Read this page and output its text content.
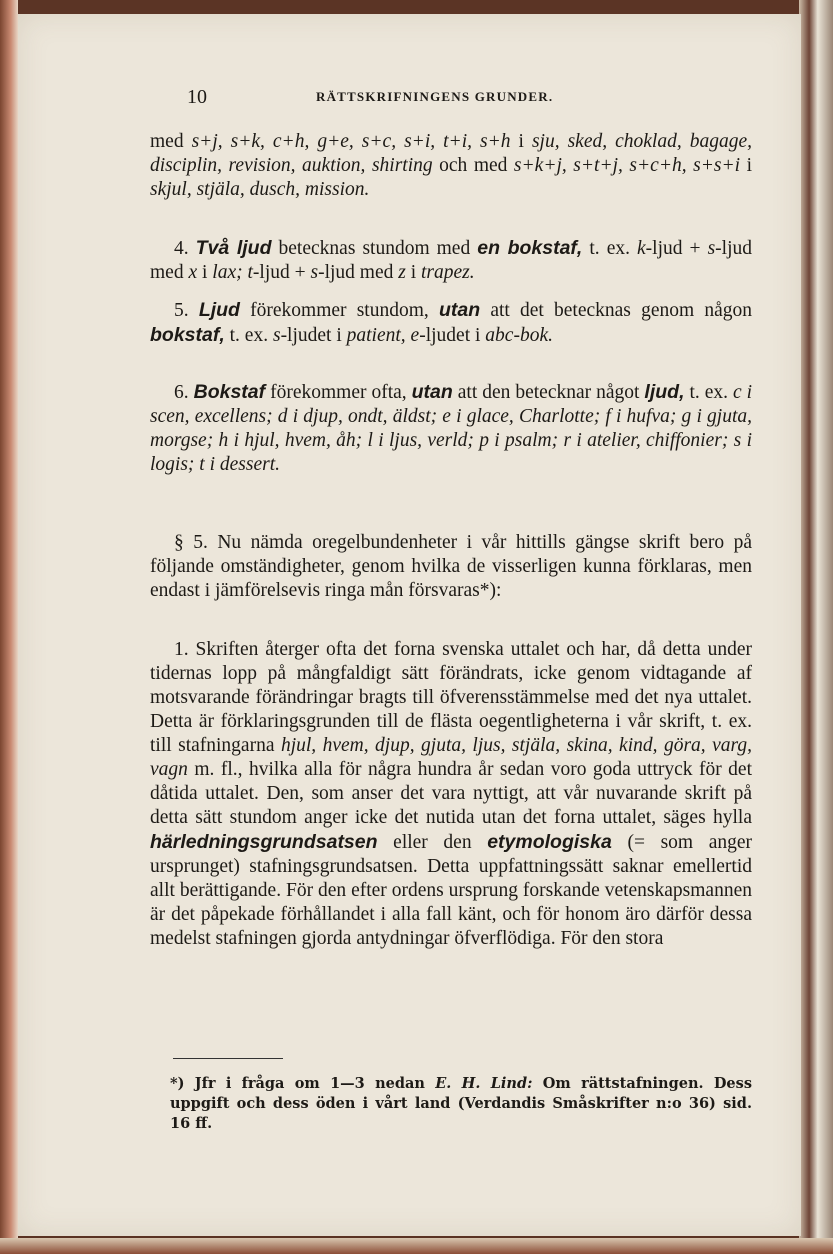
10	RÄTTSKRIFNINGENS GRUNDER.

med s+j, s+k, c+h, g+e, s+c, s+i, t+i, s+h i sju, sked, choklad, bagage, disciplin, revision, auktion, shirting och med s+k+j, s+t+j, s+c+h, s+s+i i skjul, stjäla, dusch, mission.

4. Två ljud betecknas stundom med en bokstaf, t. ex. k-ljud + s-ljud med x i lax; t-ljud + s-ljud med z i trapez.

5. Ljud förekommer stundom, utan att det betecknas genom någon bokstaf, t. ex. s-ljudet i patient, e-ljudet i abc-bok.

6. Bokstaf förekommer ofta, utan att den betecknar något ljud, t. ex. c i scen, excellens; d i djup, ondt, äldst; e i glace, Charlotte; f i hufva; g i gjuta, morgse; h i hjul, hvem, åh; l i ljus, verld; p i psalm; r i atelier, chiffonier; s i logis; t i dessert.

§ 5. Nu nämda oregelbundenheter i vår hittills gängse skrift bero på följande omständigheter, genom hvilka de visserligen kunna förklaras, men endast i jämförelsevis ringa mån försvaras*):

1. Skriften återger ofta det forna svenska uttalet och har, då detta under tidernas lopp på mångfaldigt sätt förändrats, icke genom vidtagande af motsvarande förändringar bragts till öfverensstämmelse med det nya uttalet. Detta är förklaringsgrunden till de flästa oegentligheterna i vår skrift, t. ex. till stafningarna hjul, hvem, djup, gjuta, ljus, stjäla, skina, kind, göra, varg, vagn m. fl., hvilka alla för några hundra år sedan voro goda uttryck för det dåtida uttalet. Den, som anser det vara nyttigt, att vår nuvarande skrift på detta sätt stundom anger icke det nutida utan det forna uttalet, säges hylla härledningsgrundsatsen eller den etymologiska (= som anger ursprunget) stafningsgrundsatsen. Detta uppfattningssätt saknar emellertid allt berättigande. För den efter ordens ursprung forskande vetenskapsmannen är det påpekade förhållandet i alla fall känt, och för honom äro därför dessa medelst stafningen gjorda antydningar öfverflödiga. För den stora

*) Jfr i fråga om 1—3 nedan E. H. Lind: Om rättstafningen. Dess uppgift och dess öden i vårt land (Verdandis Småskrifter n:o 36) sid. 16 ff.
